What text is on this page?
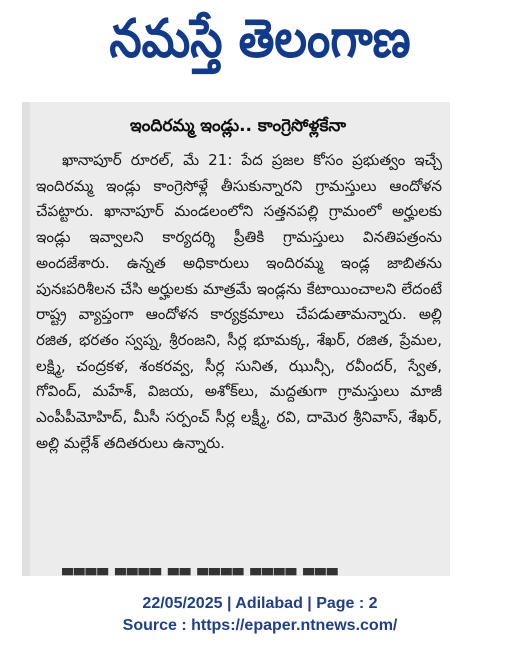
నమస్తే తెలంగాణ
ఇందిరమ్మ ఇండ్లు.. కాంగ్రెసోళ్లకేనా
ఖానాపూర్‌ రూరల్‌, మే 21: పేద ప్రజల కోసం ప్రభుత్వం ఇచ్చే ఇందిరమ్మ ఇండ్లు కాంగ్రెసోళ్లే తీసుకున్నారని గ్రామస్తులు ఆందోళన చేపట్టారు. ఖానాపూర్‌ మండలంలోని సత్తనపల్లి గ్రామంలో అర్హులకు ఇండ్లు ఇవ్వాలని కార్యదర్శి ప్రీతికి గ్రామస్తులు వినతిపత్రంను అందజేశారు. ఉన్నత అధికారులు ఇందిరమ్మ ఇండ్ల జాబితను పునఃపరిశీలన చేసి అర్హులకు మాత్రమే ఇండ్లను కేటాయించాలని లేదంటే రాష్ట్ర వ్యాప్తంగా ఆందోళన కార్యక్రమాలు చేపడుతామన్నారు. అల్లి రజిత, భరతం స్వప్న, శ్రీరంజని, సీర్ల భూమక్క, శేఖర్‌, రజిత, ప్రేమల, లక్ష్మి, చంద్రకళ, శంకరవ్వ, సీర్ల సునిత, ఝున్సీ, రవీందర్‌, స్వేత, గోవింద్‌, మహేశ్‌, విజయ, అశోక్‌లు, మద్దతుగా గ్రామస్తులు మాజీ ఎంపీపీమోహిద్‌, మీసీ సర్పంచ్‌ సీర్ల లక్ష్మీ, రవి, దామెర శ్రీనివాస్‌, శేఖర్‌, అల్లి మల్లేశ్‌ తదితరులు ఉన్నారు.
▀▀▀▀ ▀▀▀▀ ▀▀ ▀▀▀▀ ▀▀▀▀ ▀▀▀
22/05/2025 | Adilabad | Page : 2
Source : https://epaper.ntnews.com/
